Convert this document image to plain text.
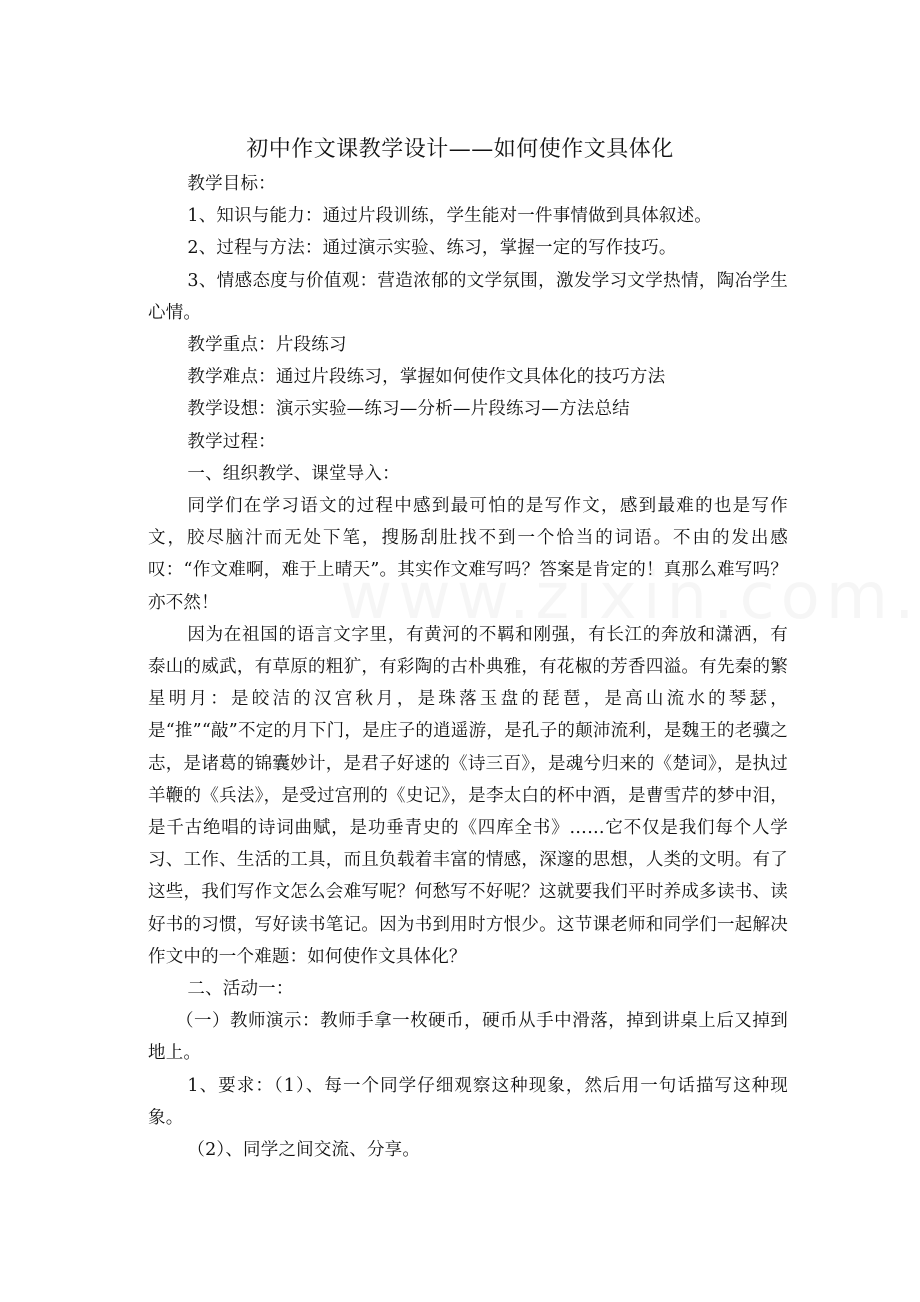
初中作文课教学设计——如何使作文具体化

教学目标：

1、知识与能力：通过片段训练，学生能对一件事情做到具体叙述。

2、过程与方法：通过演示实验、练习，掌握一定的写作技巧。

3、情感态度与价值观：营造浓郁的文学氛围，激发学习文学热情，陶冶学生心情。

教学重点：片段练习

教学难点：通过片段练习，掌握如何使作文具体化的技巧方法

教学设想：演示实验—练习—分析—片段练习—方法总结

教学过程：

一、组织教学、课堂导入：

同学们在学习语文的过程中感到最可怕的是写作文，感到最难的也是写作文，胶尽脑汁而无处下笔，搜肠刮肚找不到一个恰当的词语。不由的发出感叹：“作文难啊，难于上晴天”。其实作文难写吗？答案是肯定的！真那么难写吗？亦不然！

因为在祖国的语言文字里，有黄河的不羁和刚强，有长江的奔放和潇洒，有泰山的威武，有草原的粗犷，有彩陶的古朴典雅，有花椒的芳香四溢。有先秦的繁星明月：是皎洁的汉宫秋月，是珠落玉盘的琵琶，是高山流水的琴瑟，是“推”“敲”不定的月下门，是庄子的逍遥游，是孔子的颠沛流利，是魏王的老骥之志，是诸葛的锦囊妙计，是君子好逑的《诗三百》，是魂兮归来的《楚词》，是执过羊鞭的《兵法》，是受过宫刑的《史记》，是李太白的杯中酒，是曹雪芹的梦中泪，是千古绝唱的诗词曲赋，是功垂青史的《四库全书》……它不仅是我们每个人学习、工作、生活的工具，而且负载着丰富的情感，深邃的思想，人类的文明。有了这些，我们写作文怎么会难写呢？何愁写不好呢？这就要我们平时养成多读书、读好书的习惯，写好读书笔记。因为书到用时方恨少。这节课老师和同学们一起解决作文中的一个难题：如何使作文具体化？

二、活动一：

（一）教师演示：教师手拿一枚硬币，硬币从手中滑落，掉到讲桌上后又掉到地上。

1、要求：（1）、每一个同学仔细观察这种现象，然后用一句话描写这种现象。

（2）、同学之间交流、分享。
